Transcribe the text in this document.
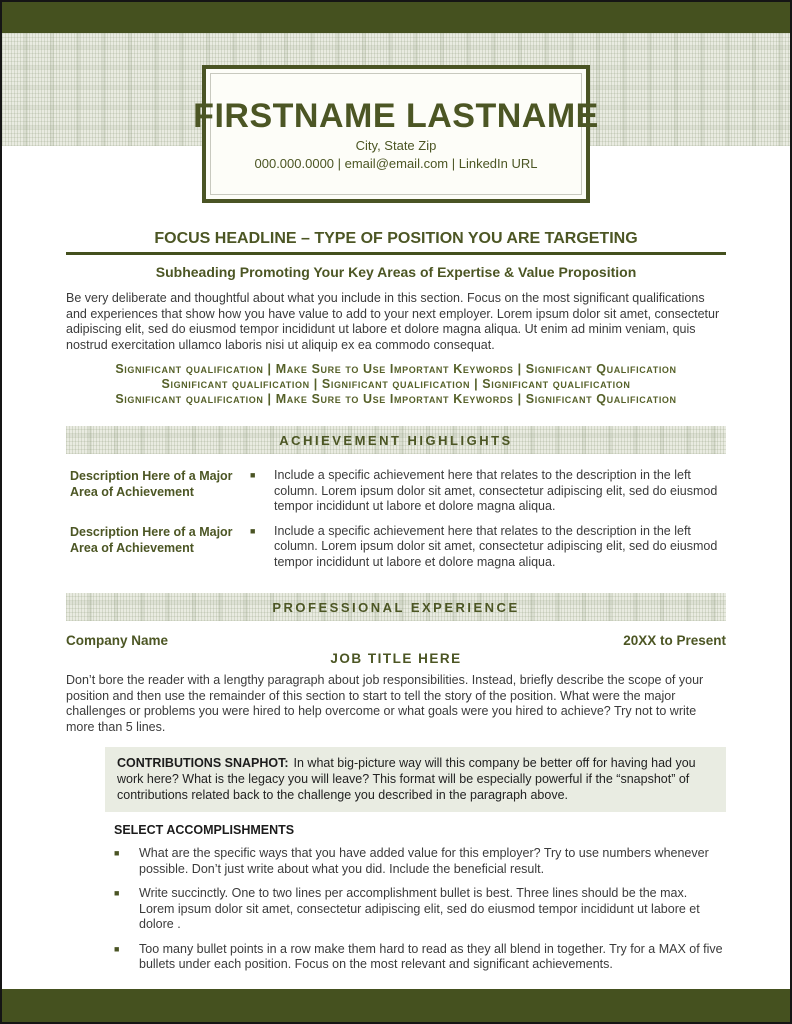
FIRSTNAME LASTNAME
City, State Zip
000.000.0000 | email@email.com | LinkedIn URL
FOCUS HEADLINE – TYPE OF POSITION YOU ARE TARGETING
Subheading Promoting Your Key Areas of Expertise & Value Proposition
Be very deliberate and thoughtful about what you include in this section. Focus on the most significant qualifications and experiences that show how you have value to add to your next employer. Lorem ipsum dolor sit amet, consectetur adipiscing elit, sed do eiusmod tempor incididunt ut labore et dolore magna aliqua. Ut enim ad minim veniam, quis nostrud exercitation ullamco laboris nisi ut aliquip ex ea commodo consequat.
Significant qualification | Make Sure to Use Important Keywords | Significant Qualification
Significant qualification | Significant qualification | Significant qualification
Significant qualification | Make Sure to Use Important Keywords | Significant Qualification
ACHIEVEMENT HIGHLIGHTS
Description Here of a Major Area of Achievement
■	Include a specific achievement here that relates to the description in the left column. Lorem ipsum dolor sit amet, consectetur adipiscing elit, sed do eiusmod tempor incididunt ut labore et dolore magna aliqua.
Description Here of a Major Area of Achievement
■	Include a specific achievement here that relates to the description in the left column. Lorem ipsum dolor sit amet, consectetur adipiscing elit, sed do eiusmod tempor incididunt ut labore et dolore magna aliqua.
PROFESSIONAL EXPERIENCE
Company Name	20XX to Present
JOB TITLE HERE
Don’t bore the reader with a lengthy paragraph about job responsibilities. Instead, briefly describe the scope of your position and then use the remainder of this section to start to tell the story of the position. What were the major challenges or problems you were hired to help overcome or what goals were you hired to achieve? Try not to write more than 5 lines.
CONTRIBUTIONS SNAPHOT: In what big-picture way will this company be better off for having had you work here? What is the legacy you will leave? This format will be especially powerful if the “snapshot” of contributions related back to the challenge you described in the paragraph above.
SELECT ACCOMPLISHMENTS
■	What are the specific ways that you have added value for this employer? Try to use numbers whenever possible. Don’t just write about what you did. Include the beneficial result.
■	Write succinctly. One to two lines per accomplishment bullet is best. Three lines should be the max. Lorem ipsum dolor sit amet, consectetur adipiscing elit, sed do eiusmod tempor incididunt ut labore et dolore .
■	Too many bullet points in a row make them hard to read as they all blend in together. Try for a MAX of five bullets under each position. Focus on the most relevant and significant achievements.
